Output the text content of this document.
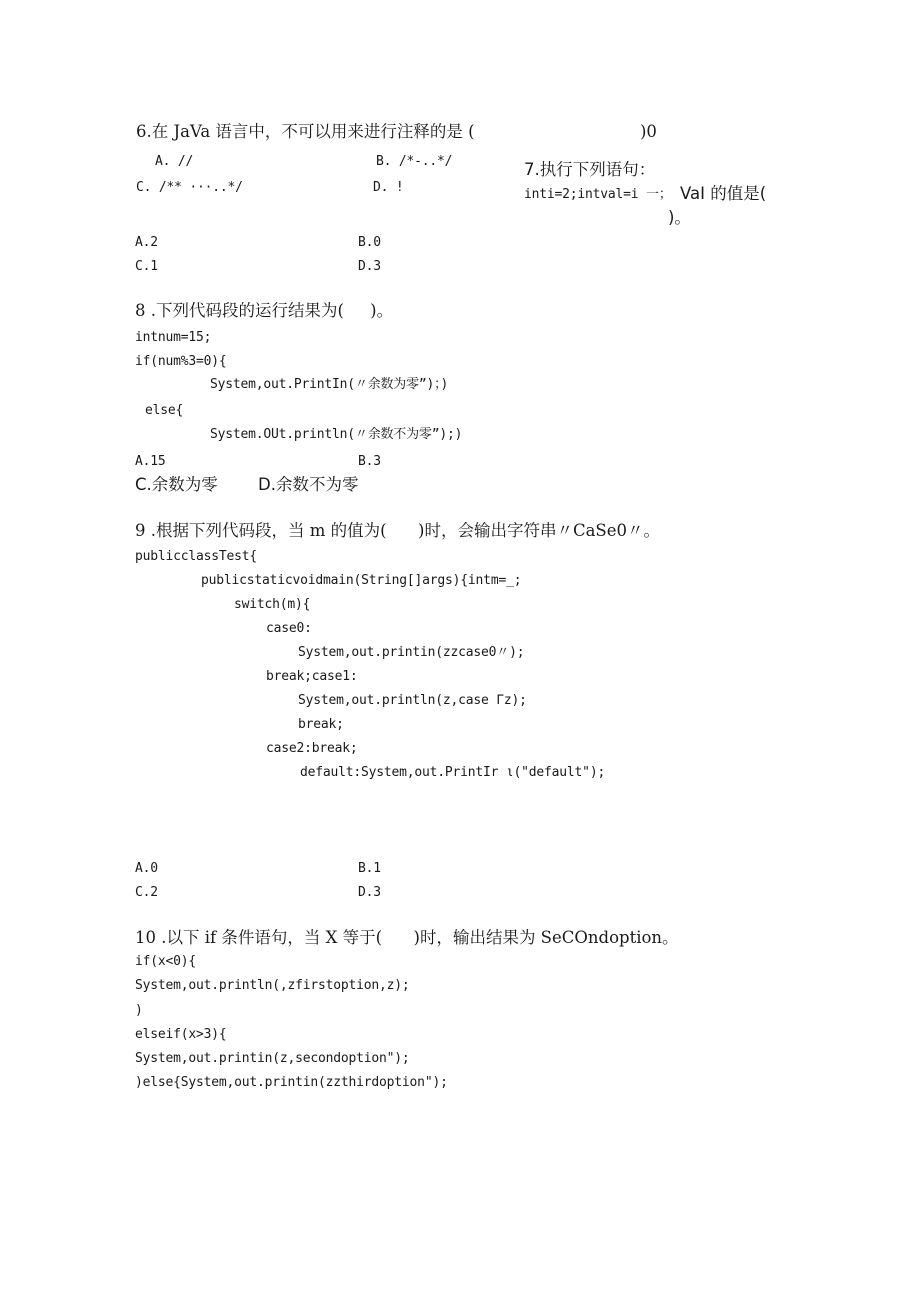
6.在 JaVa 语言中，不可以用来进行注释的是 (	)0
A. //	B. /*-..*/
C. /** ···..*/	D. !
7.执行下列语句：
inti=2;intval=i 一； VaI 的值是(
)。
A.2	B.0
C.1	D.3
8 .下列代码段的运行结果为(     )。
intnum=15;
if(num%3=0){
System,out.PrintIn(〃余数为零”)；)
else{
System.OUt.println(〃余数不为零”);)
A.15	B.3
C.余数为零 D.余数不为零
9 .根据下列代码段，当 m 的值为(      )时，会输出字符串〃CaSe0〃。
publicclassTest{
publicstaticvoidmain(String[]args){intm=_;
switch(m){
case0:
System,out.printin(zzcase0〃);
break;case1:
System,out.println(z,case Γz);
break;
case2:break;
default:System,out.PrintIr ι("default");
A.0	B.1
C.2	D.3
10 .以下 if 条件语句，当 X 等于(      )时，输出结果为 SeCOndoption。
if(x<0){
System,out.println(,zfirstoption,z);
)
elseif(x>3){
System,out.printin(z,secondoption");
)else{System,out.printin(zzthirdoption");
